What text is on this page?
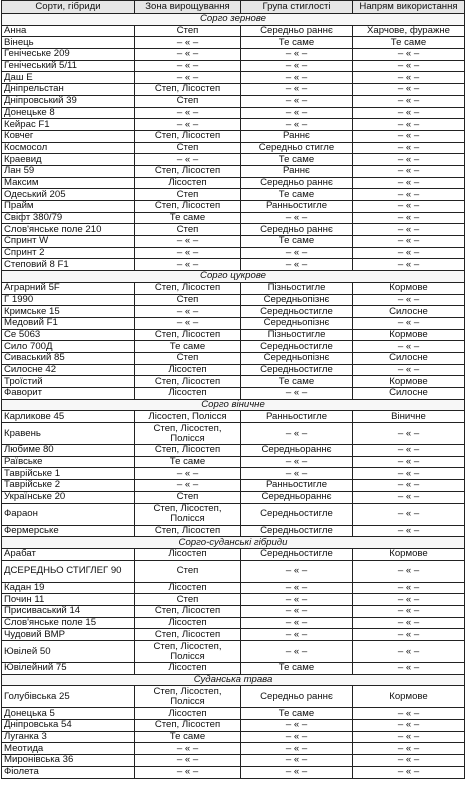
Сорти, гібриди	Зона вирощування	Група стиглості	Напрям використання
Сорго зернове			
Анна	Степ	Середньо раннє	Харчове, фуражне
Вінець	– « –	Те саме	Те саме
Генічеське 209	– « –	– « –	– « –
Генічеський 5/11	– « –	– « –	– « –
Даш Е	– « –	– « –	– « –
Дніпрельстан	Степ, Лісостеп	– « –	– « –
Дніпровський 39	Степ	– « –	– « –
Донецьке 8	– « –	– « –	– « –
Кейрас F1	– « –	– « –	– « –
Ковчег	Степ, Лісостеп	Раннє	– « –
Космосол	Степ	Середньо стигле	– « –
Краевид	– « –	Те саме	– « –
Лан 59	Степ, Лісостеп	Раннє	– « –
Максим	Лісостеп	Середньо раннє	– « –
Одеський 205	Степ	Те саме	– « –
Прайм	Степ, Лісостеп	Ранньостигле	– « –
Свіфт 380/79	Те саме	– « –	– « –
Слов'янське поле 210	Степ	Середньо раннє	– « –
Спринт W	– « –	Те саме	– « –
Спринт 2	– « –	– « –	– « –
Степовий 8 F1	– « –	– « –	– « –
Сорго цукрове			
Аграрний 5F	Степ, Лісостеп	Пізньостигле	Кормове
Г 1990	Степ	Середньопізнє	– « –
Кримське 15	– « –	Середньостигле	Силосне
Медовий F1	– « –	Середньопізнє	– « –
Се 5063	Степ, Лісостеп	Пізньостигле	Кормове
Сило 700Д	Те саме	Середньостигле	– « –
Сиваський 85	Степ	Середньопізнє	Силосне
Силосне 42	Лісостеп	Середньостигле	– « –
Троїстий	Степ, Лісостеп	Те саме	Кормове
Фаворит	Лісостеп	– « –	Силосне
Сорго віничне			
Карликове 45	Лісостеп, Полісся	Ранньостигле	Віничне
Кравень	Степ, Лісостеп, Полісся	– « –	– « –
Любиме 80	Степ, Лісостеп	Середньораннє	– « –
Раївське	Те саме	– « –	– « –
Таврійське 1	– « –	– « –	– « –
Таврійське 2	– « –	Ранньостигле	– « –
Українське 20	Степ	Середньораннє	– « –
Фараон	Степ, Лісостеп, Полісся	Середньостигле	– « –
Фермерське	Степ, Лісостеп	Середньостигле	– « –
Сорго-суданські гібриди			
Арабат	Лісостеп	Середньостигле	Кормове
ДСЕРЕДНЬО СТИГЛЕГ 90	Степ	– « –	– « –
Кадан 19	Лісостеп	– « –	– « –
Почин 11	Степ	– « –	– « –
Присиваський 14	Степ, Лісостеп	– « –	– « –
Слов'янське поле 15	Лісостеп	– « –	– « –
Чудовий ВМР	Степ, Лісостеп	– « –	– « –
Ювілей 50	Степ, Лісостеп, Полісся	– « –	– « –
Ювілейний 75	Лісостеп	Те саме	– « –
Суданська трава			
Голубівська 25	Степ, Лісостеп, Полісся	Середньо раннє	Кормове
Донецька 5	Лісостеп	Те саме	– « –
Дніпровська 54	Степ, Лісостеп	– « –	– « –
Луганка 3	Те саме	– « –	– « –
Меотида	– « –	– « –	– « –
Миронівська 36	– « –	– « –	– « –
Фіолета	– « –	– « –	– « –
